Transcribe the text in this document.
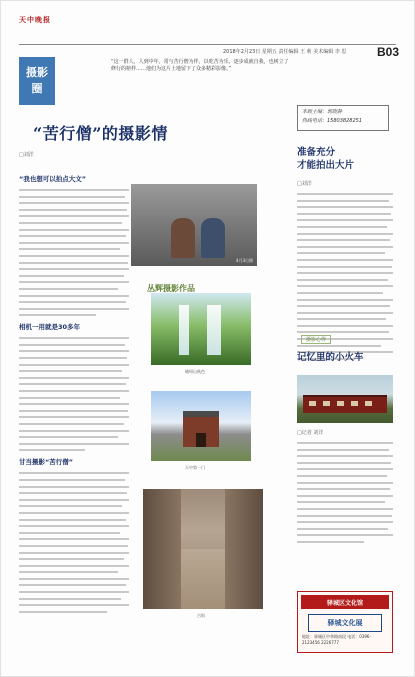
天中晚报
2018年2月23日 星期五 责任编辑 王 莉 美术编辑 李 思	B03
摄影
圈
“这一群人，人到中年，常与苦行僧为伴，以吃苦为乐，逐步成就自我，也树立了修行的榜样……他们为这片土地留下了众多精彩影像。”
本版主编：郭晓静
热线电话：15803828251
“苦行僧”的摄影情
□刘洋
“我也想可以拍点大文”
相机一用就是30多年
甘当摄影“苦行僧”
4月3日摄
丛辉摄影作品
嵖岈山秋色
天中第一门
古街
准备充分
才能拍出大片
□刘洋
摄影心得
记忆里的小火车
□记者 刘洋
驿城区文化馆
驿城文化展
地址：驿城区中华路南段 电话：0396-2123456 2226777
